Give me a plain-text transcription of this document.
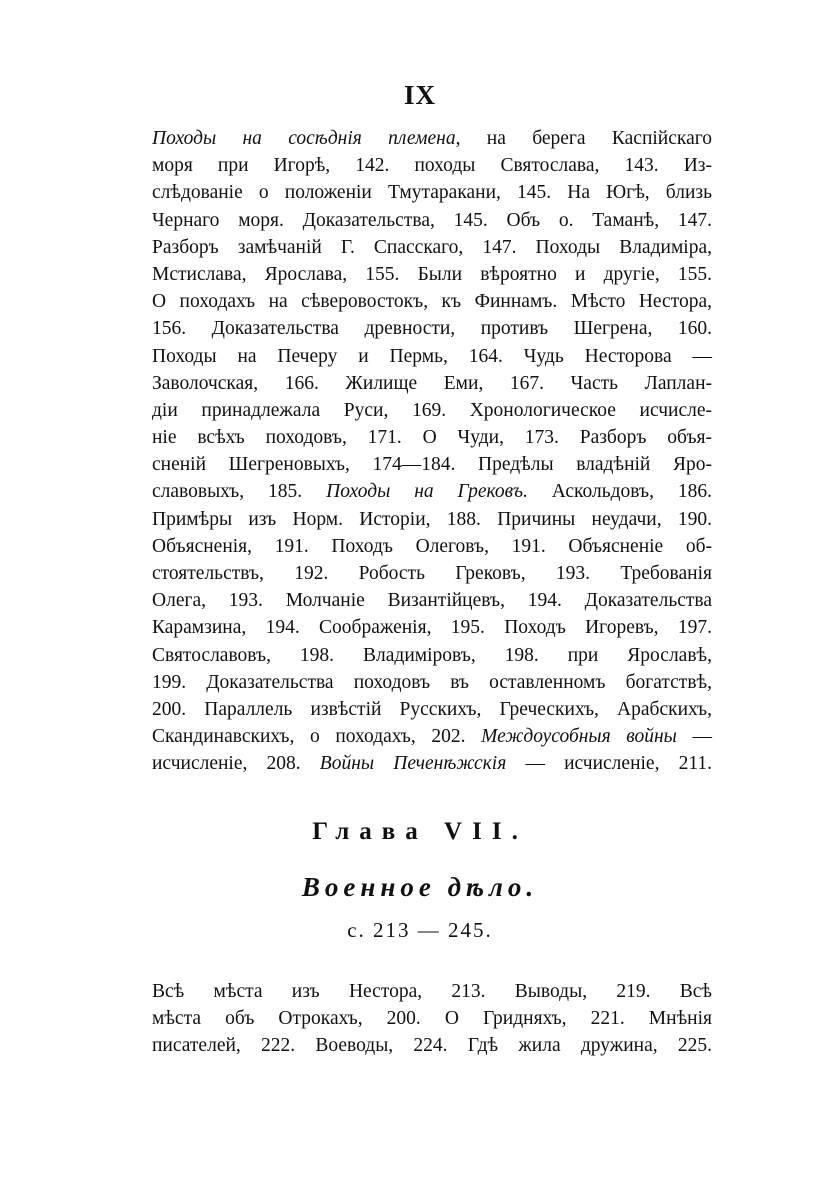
IX
Походы на сосѣднія племена, на берега Каспійскаго
моря при Игорѣ, 142. походы Святослава, 143. Из-
слѣдованіе о положеніи Тмутаракани, 145. На Югѣ, близь
Чернаго моря. Доказательства, 145. Объ о. Таманѣ, 147.
Разборъ замѣчаній Г. Спасскаго, 147. Походы Владиміра,
Мстислава, Ярослава, 155. Были вѣроятно и другіе, 155.
О походахъ на сѣверовостокъ, къ Финнамъ. Мѣсто Нестора,
156. Доказательства древности, противъ Шегрена, 160.
Походы на Печеру и Пермь, 164. Чудь Несторова —
Заволочская, 166. Жилище Еми, 167. Часть Лаплан-
діи принадлежала Руси, 169. Хронологическое исчисле-
ніе всѣхъ походовъ, 171. О Чуди, 173. Разборъ объя-
сненій Шегреновыхъ, 174—184. Предѣлы владѣній Яро-
славовыхъ, 185. Походы на Грековъ. Аскольдовъ, 186.
Примѣры изъ Норм. Исторіи, 188. Причины неудачи, 190.
Объясненія, 191. Походъ Олеговъ, 191. Объясненіе об-
стоятельствъ, 192. Робость Грековъ, 193. Требованія
Олега, 193. Молчаніе Византійцевъ, 194. Доказательства
Карамзина, 194. Соображенія, 195. Походъ Игоревъ, 197.
Святославовъ, 198. Владиміровъ, 198. при Ярославѣ,
199. Доказательства походовъ въ оставленномъ богатствѣ,
200. Параллель извѣстій Русскихъ, Греческихъ, Арабскихъ,
Скандинавскихъ, о походахъ, 202. Междоусобныя войны —
исчисленіе, 208. Войны Печенѣжскія — исчисленіе, 211.
Глава VII.
Военное дѣло.
с. 213 — 245.
Всѣ мѣста изъ Нестора, 213. Выводы, 219. Всѣ
мѣста объ Отрокахъ, 200. О Гридняхъ, 221. Мнѣнія
писателей, 222. Воеводы, 224. Гдѣ жила дружина, 225.
